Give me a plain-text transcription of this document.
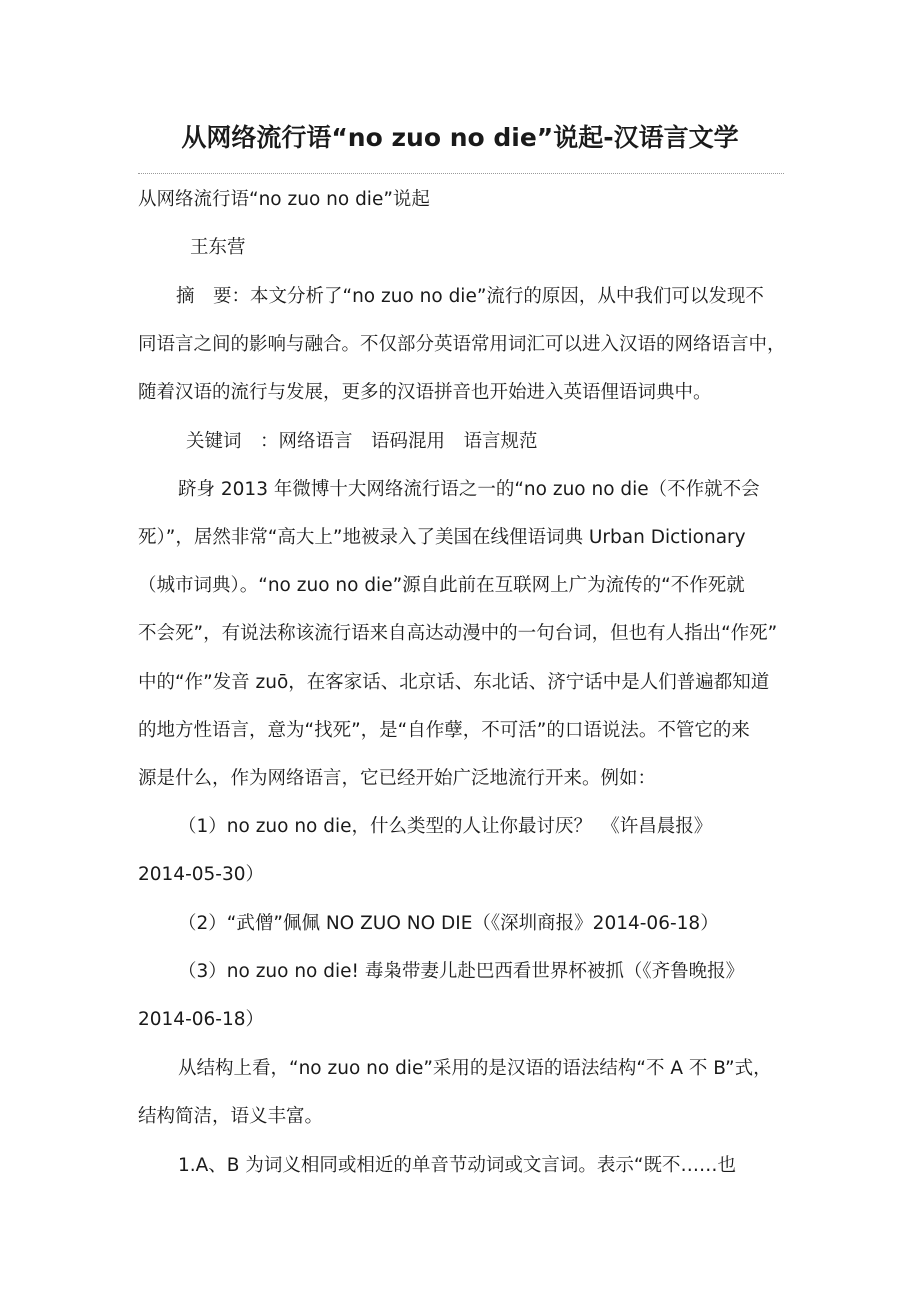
从网络流行语“no zuo no die”说起-汉语言文学

从网络流行语“no zuo no die”说起

王东营

摘　要：本文分析了“no zuo no die”流行的原因，从中我们可以发现不

同语言之间的影响与融合。不仅部分英语常用词汇可以进入汉语的网络语言中，

随着汉语的流行与发展，更多的汉语拼音也开始进入英语俚语词典中。

关键词　：网络语言　语码混用　语言规范

跻身 2013 年微博十大网络流行语之一的“no zuo no die（不作就不会

死）”，居然非常“高大上”地被录入了美国在线俚语词典 Urban Dictionary

（城市词典）。“no zuo no die”源自此前在互联网上广为流传的“不作死就

不会死”，有说法称该流行语来自高达动漫中的一句台词，但也有人指出“作死”

中的“作”发音 zuō，在客家话、北京话、东北话、济宁话中是人们普遍都知道

的地方性语言，意为“找死”，是“自作孽，不可活”的口语说法。不管它的来

源是什么，作为网络语言，它已经开始广泛地流行开来。例如：

（1）no zuo no die，什么类型的人让你最讨厌？　《许昌晨报》

2014-05-30）

（2）“武僧”佩佩 NO ZUO NO DIE（《深圳商报》2014-06-18）

（3）no zuo no die! 毒枭带妻儿赴巴西看世界杯被抓（《齐鲁晚报》

2014-06-18）

从结构上看，“no zuo no die”采用的是汉语的语法结构“不 A 不 B”式，

结构简洁，语义丰富。

1.A、B 为词义相同或相近的单音节动词或文言词。表示“既不……也
